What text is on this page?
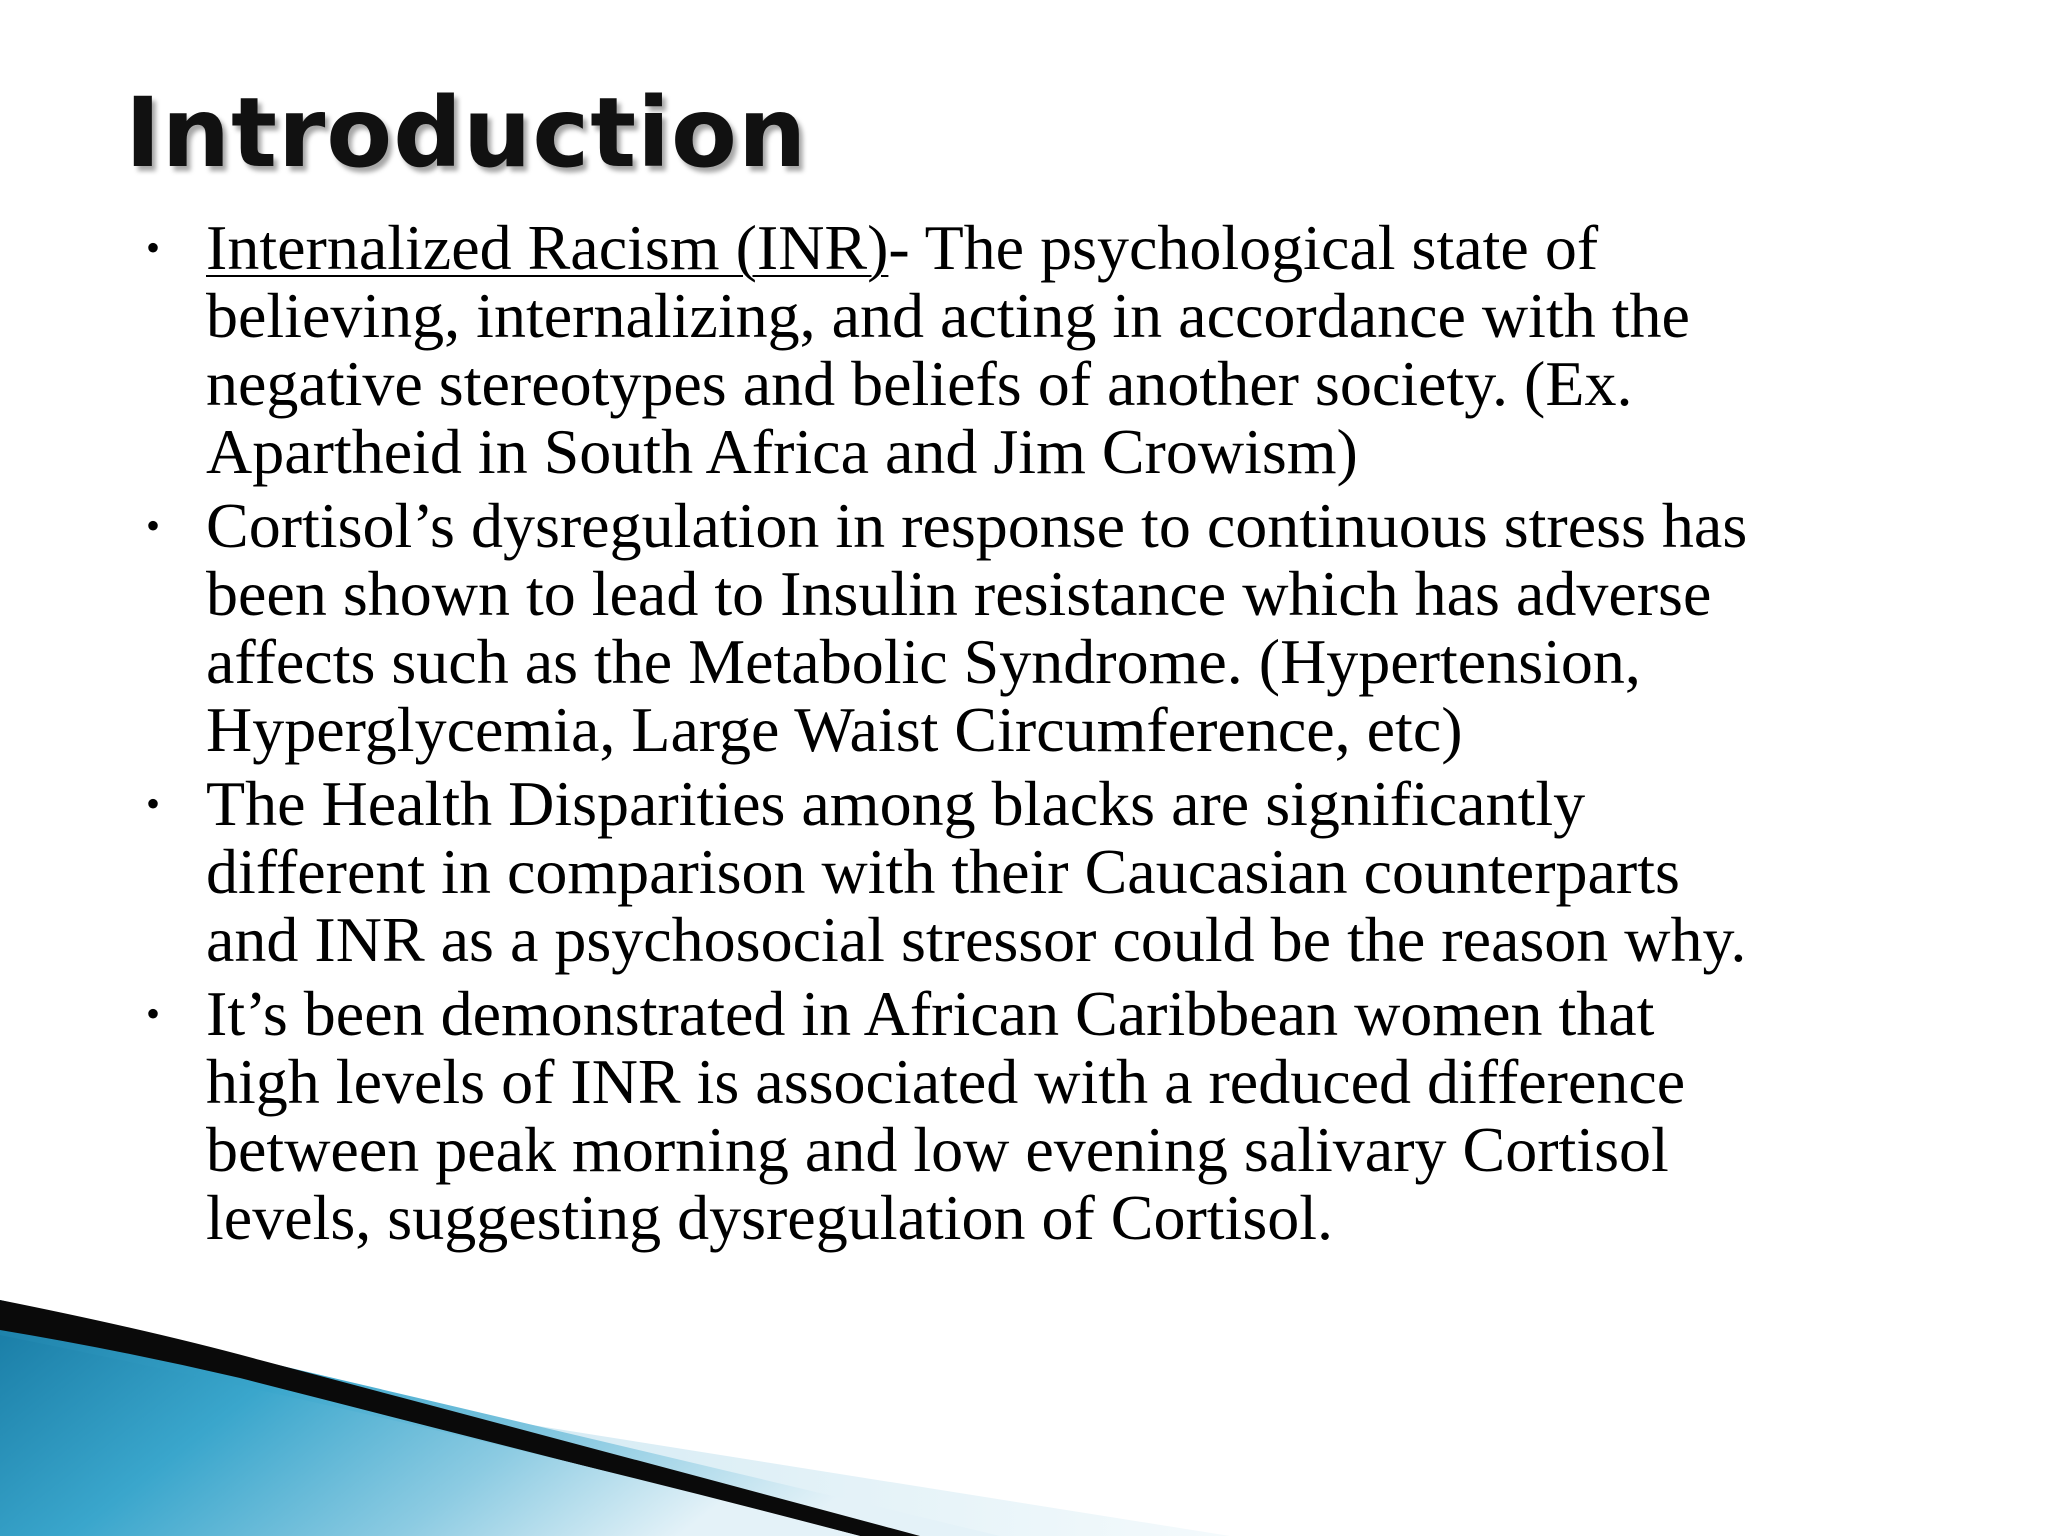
Introduction
• Internalized Racism (INR)- The psychological state of
believing, internalizing, and acting in accordance with the
negative stereotypes and beliefs of another society. (Ex.
Apartheid in South Africa and Jim Crowism)
• Cortisol’s dysregulation in response to continuous stress has
been shown to lead to Insulin resistance which has adverse
affects such as the Metabolic Syndrome. (Hypertension,
Hyperglycemia, Large Waist Circumference, etc)
• The Health Disparities among blacks are significantly
different in comparison with their Caucasian counterparts
and INR as a psychosocial stressor could be the reason why.
• It’s been demonstrated in African Caribbean women that
high levels of INR is associated with a reduced difference
between peak morning and low evening salivary Cortisol
levels, suggesting dysregulation of Cortisol.
